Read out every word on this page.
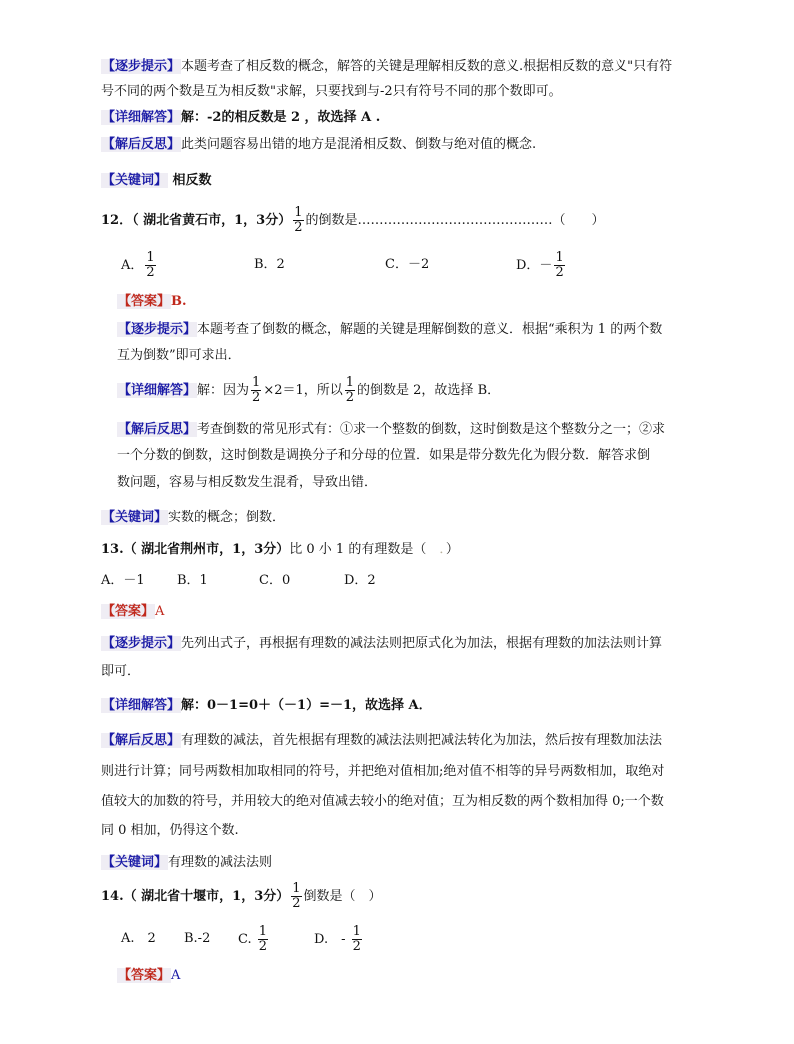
【逐步提示】本题考查了相反数的概念，解答的关键是理解相反数的意义.根据相反数的意义"只有符
号不同的两个数是互为相反数"求解，只要找到与-2只有符号不同的那个数即可。
【详细解答】解：-2的相反数是 2 ，故选择 A .
【解后反思】此类问题容易出错的地方是混淆相反数、倒数与绝对值的概念.
【关键词】 相反数
12．（ 湖北省黄石市，1，3分） $\frac{1}{2}$ 的倒数是………………………………………（　　）
A． $\frac{1}{2}$	B．2	C．－2	D．－ $\frac{1}{2}$
【答案】B.
【逐步提示】本题考查了倒数的概念，解题的关键是理解倒数的意义．根据“乘积为 1 的两个数
互为倒数”即可求出．
【详细解答】解：因为 $\frac{1}{2} \times 2=1$，所以 $\frac{1}{2}$ 的倒数是 2，故选择 B．
【解后反思】考查倒数的常见形式有：①求一个整数的倒数，这时倒数是这个整数分之一；②求
一个分数的倒数，这时倒数是调换分子和分母的位置．如果是带分数先化为假分数．解答求倒
数问题，容易与相反数发生混肴，导致出错．
【关键词】实数的概念；倒数．
13.（ 湖北省荆州市，1，3分）比 0 小 1 的有理数是（　．）
A．－1 B．1	C．0	D．2
【答案】A
【逐步提示】先列出式子，再根据有理数的减法法则把原式化为加法，根据有理数的加法法则计算
即可．
【详细解答】解：0－1=0＋（－1）=－1，故选择 A．
【解后反思】有理数的减法，首先根据有理数的减法法则把减法转化为加法，然后按有理数加法法
则进行计算；同号两数相加取相同的符号，并把绝对值相加;绝对值不相等的异号两数相加，取绝对
值较大的加数的符号，并用较大的绝对值减去较小的绝对值；互为相反数的两个数相加得 0;一个数
同 0 相加，仍得这个数.
【关键词】有理数的减法法则
14.（ 湖北省十堰市，1，3分） $\frac{1}{2}$ 倒数是（　）
A.　2 B.-2 C. $\frac{1}{2}$	D.　- $\frac{1}{2}$
【答案】A
